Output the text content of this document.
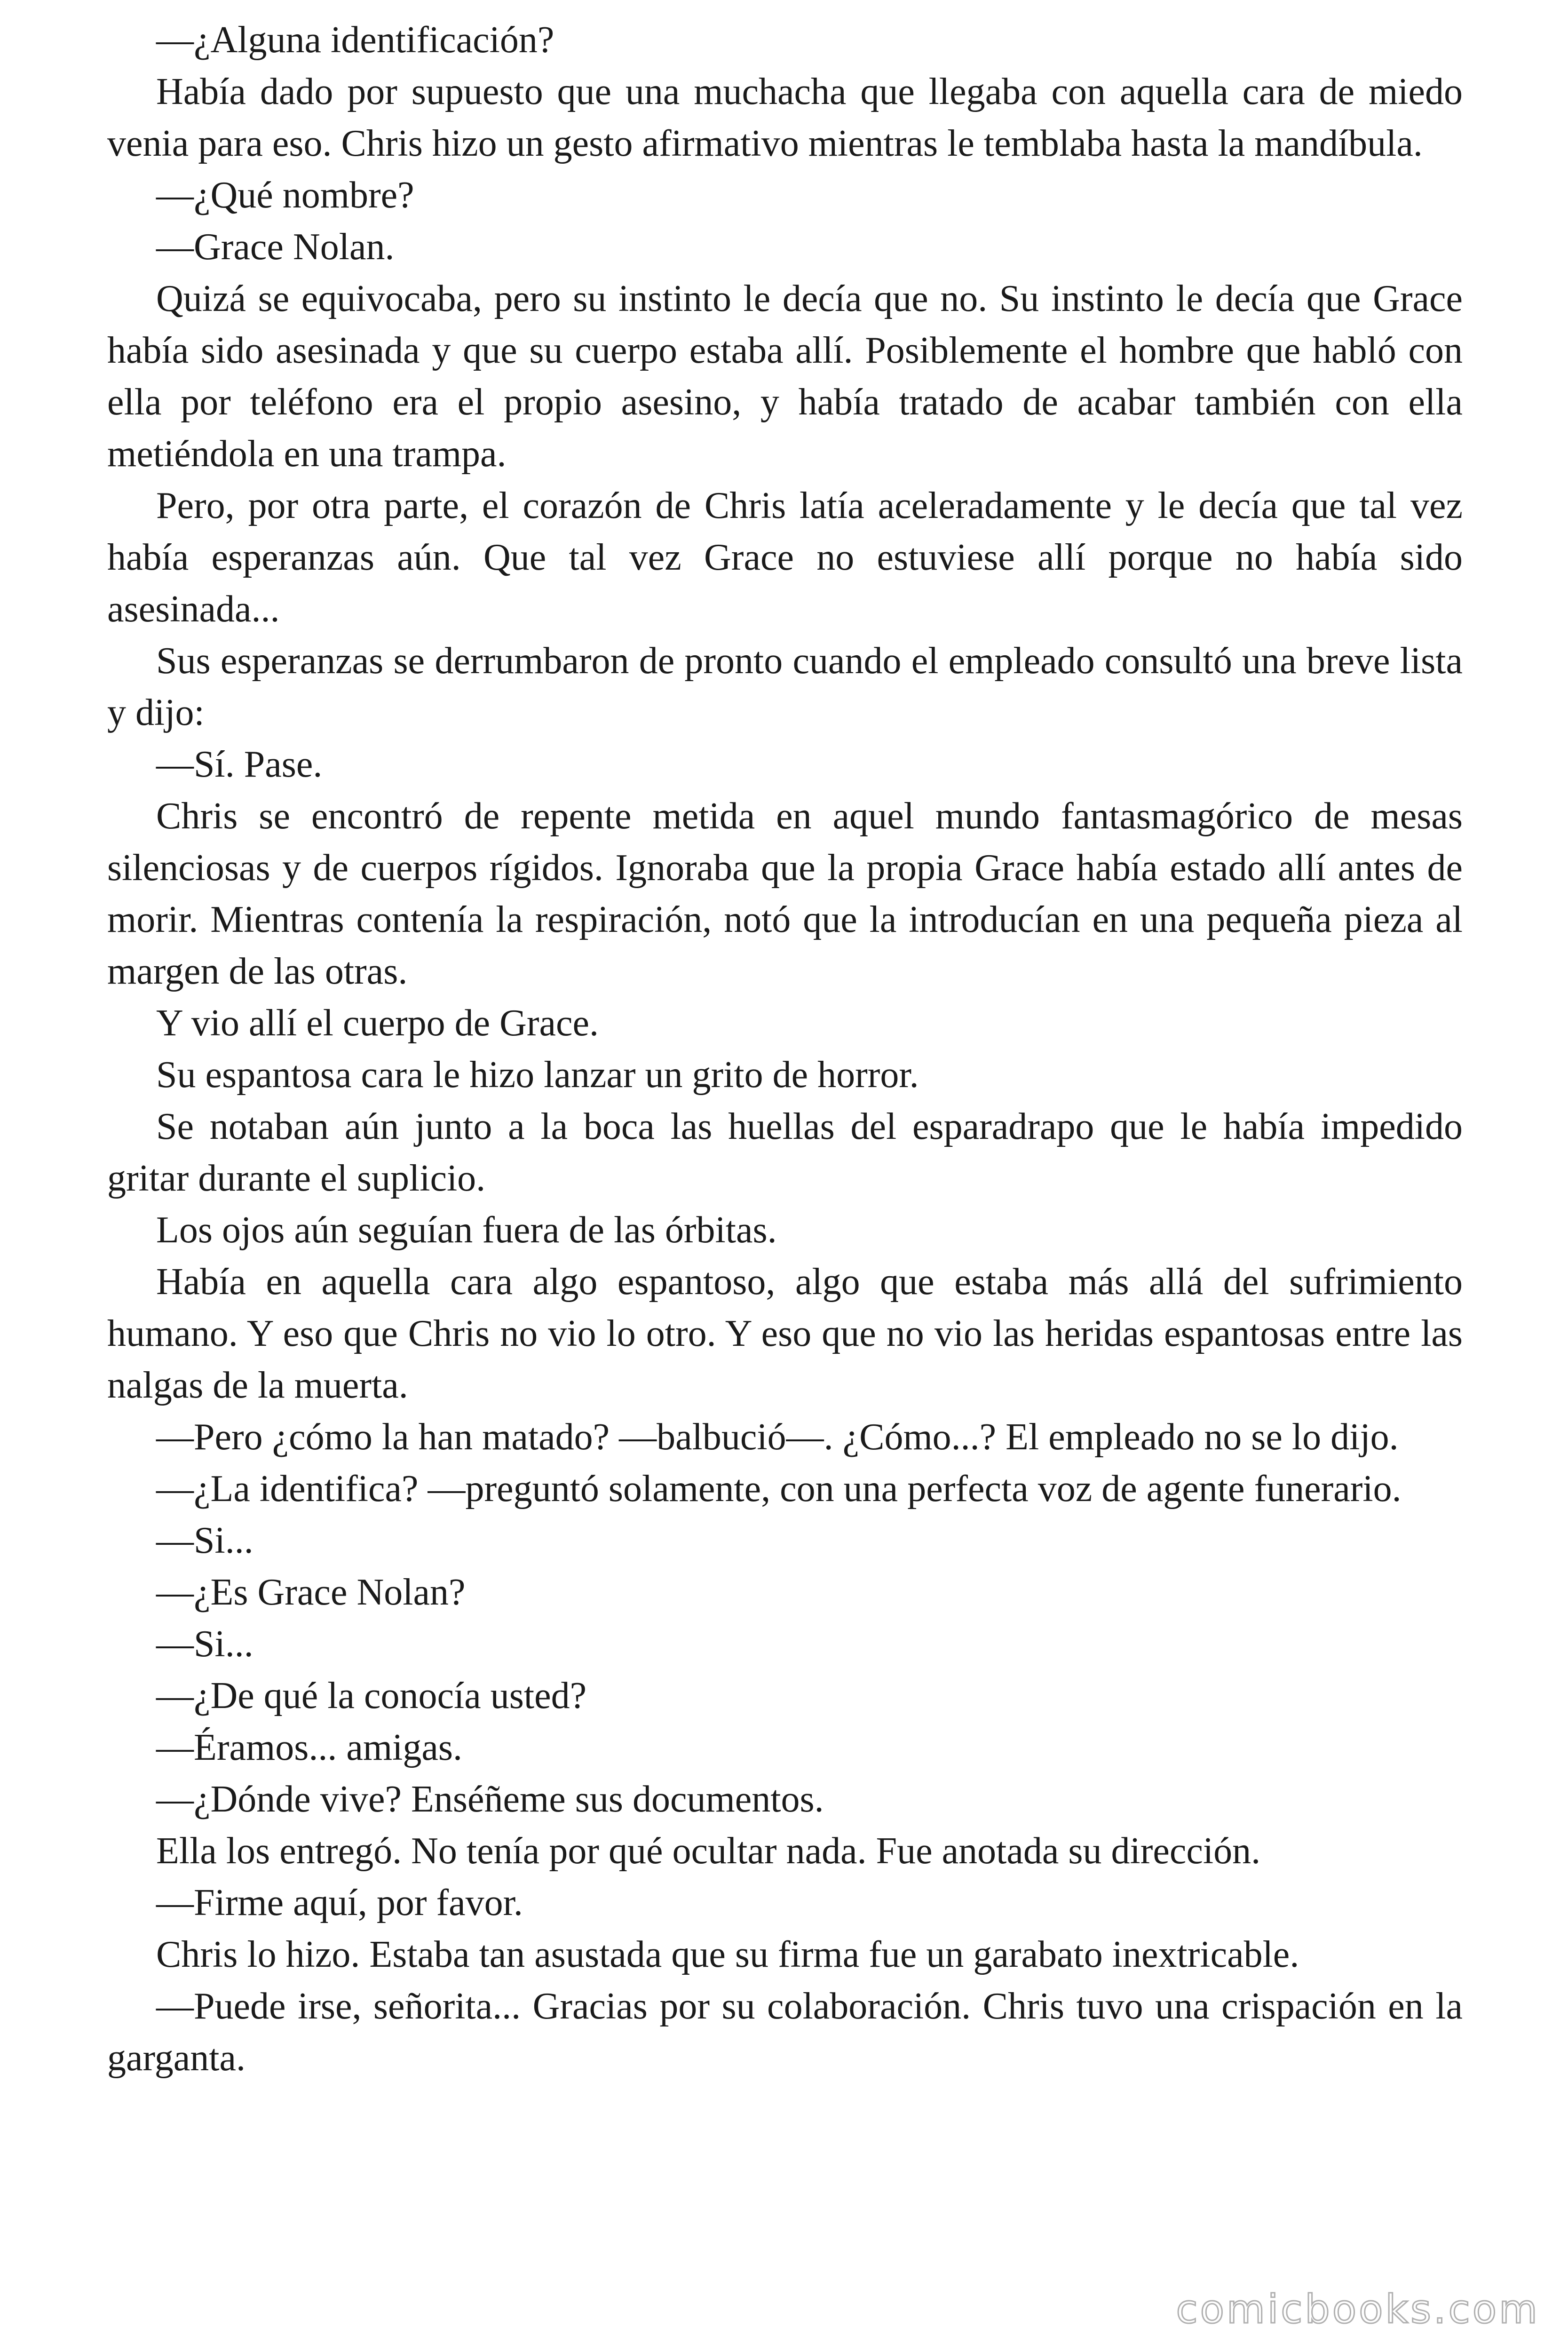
—¿Alguna identificación?

Había dado por supuesto que una muchacha que llegaba con aquella cara de miedo venia para eso. Chris hizo un gesto afirmativo mientras le temblaba hasta la mandíbula.

—¿Qué nombre?

—Grace Nolan.

Quizá se equivocaba, pero su instinto le decía que no. Su instinto le decía que Grace había sido asesinada y que su cuerpo estaba allí. Posiblemente el hombre que habló con ella por teléfono era el propio asesino, y había tratado de acabar también con ella metiéndola en una trampa.

Pero, por otra parte, el corazón de Chris latía aceleradamente y le decía que tal vez había esperanzas aún. Que tal vez Grace no estuviese allí porque no había sido asesinada...

Sus esperanzas se derrumbaron de pronto cuando el empleado consultó una breve lista y dijo:

—Sí. Pase.

Chris se encontró de repente metida en aquel mundo fantasmagórico de mesas silenciosas y de cuerpos rígidos. Ignoraba que la propia Grace había estado allí antes de morir. Mientras contenía la respiración, notó que la introducían en una pequeña pieza al margen de las otras.

Y vio allí el cuerpo de Grace.

Su espantosa cara le hizo lanzar un grito de horror.

Se notaban aún junto a la boca las huellas del esparadrapo que le había impedido gritar durante el suplicio.

Los ojos aún seguían fuera de las órbitas.

Había en aquella cara algo espantoso, algo que estaba más allá del sufrimiento humano. Y eso que Chris no vio lo otro. Y eso que no vio las heridas espantosas entre las nalgas de la muerta.

—Pero ¿cómo la han matado? —balbució—. ¿Cómo...? El empleado no se lo dijo.

—¿La identifica? —preguntó solamente, con una perfecta voz de agente funerario.

—Si...

—¿Es Grace Nolan?

—Si...

—¿De qué la conocía usted?

—Éramos... amigas.

—¿Dónde vive? Enséñeme sus documentos.

Ella los entregó. No tenía por qué ocultar nada. Fue anotada su dirección.

—Firme aquí, por favor.

Chris lo hizo. Estaba tan asustada que su firma fue un garabato inextricable.

—Puede irse, señorita... Gracias por su colaboración. Chris tuvo una crispación en la garganta.

comicbooks.com
